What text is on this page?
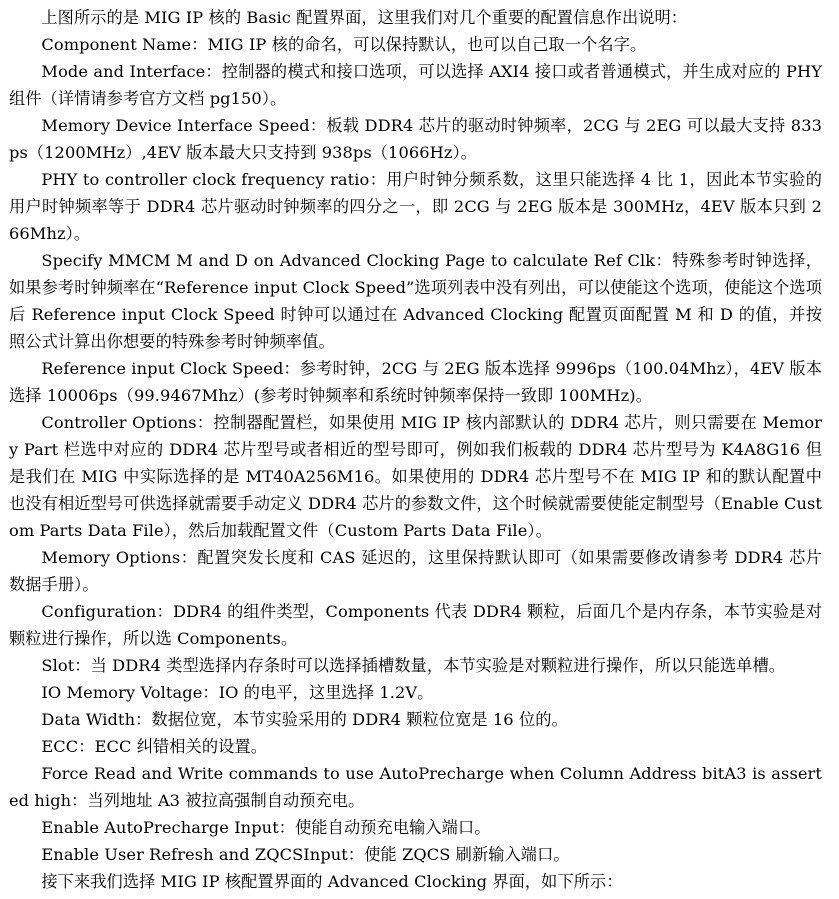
上图所示的是 MIG IP 核的 Basic 配置界面，这里我们对几个重要的配置信息作出说明：

Component Name：MIG IP 核的命名，可以保持默认，也可以自己取一个名字。

Mode and Interface：控制器的模式和接口选项，可以选择 AXI4 接口或者普通模式，并生成对应的 PHY 组件（详情请参考官方文档 pg150）。

Memory Device Interface Speed：板载 DDR4 芯片的驱动时钟频率，2CG 与 2EG 可以最大支持 833ps（1200MHz）,4EV 版本最大只支持到 938ps（1066Hz）。

PHY to controller clock frequency ratio：用户时钟分频系数，这里只能选择 4 比 1，因此本节实验的用户时钟频率等于 DDR4 芯片驱动时钟频率的四分之一，即 2CG 与 2EG 版本是 300MHz，4EV 版本只到 266Mhz）。

Specify MMCM M and D on Advanced Clocking Page to calculate Ref Clk：特殊参考时钟选择，如果参考时钟频率在“Reference input Clock Speed”选项列表中没有列出，可以使能这个选项，使能这个选项后 Reference input Clock Speed 时钟可以通过在 Advanced Clocking 配置页面配置 M 和 D 的值，并按照公式计算出你想要的特殊参考时钟频率值。

Reference input Clock Speed：参考时钟，2CG 与 2EG 版本选择 9996ps（100.04Mhz），4EV 版本选择 10006ps（99.9467Mhz）(参考时钟频率和系统时钟频率保持一致即 100MHz)。

Controller Options：控制器配置栏，如果使用 MIG IP 核内部默认的 DDR4 芯片，则只需要在 Memory Part 栏选中对应的 DDR4 芯片型号或者相近的型号即可，例如我们板载的 DDR4 芯片型号为 K4A8G16 但是我们在 MIG 中实际选择的是 MT40A256M16。如果使用的 DDR4 芯片型号不在 MIG IP 和的默认配置中也没有相近型号可供选择就需要手动定义 DDR4 芯片的参数文件，这个时候就需要使能定制型号（Enable Custom Parts Data File），然后加载配置文件（Custom Parts Data File）。

Memory Options：配置突发长度和 CAS 延迟的，这里保持默认即可（如果需要修改请参考 DDR4 芯片数据手册）。

Configuration：DDR4 的组件类型，Components 代表 DDR4 颗粒，后面几个是内存条，本节实验是对颗粒进行操作，所以选 Components。

Slot：当 DDR4 类型选择内存条时可以选择插槽数量，本节实验是对颗粒进行操作，所以只能选单槽。

IO Memory Voltage：IO 的电平，这里选择 1.2V。

Data Width：数据位宽，本节实验采用的 DDR4 颗粒位宽是 16 位的。

ECC：ECC 纠错相关的设置。

Force Read and Write commands to use AutoPrecharge when Column Address bitA3 is asserted high：当列地址 A3 被拉高强制自动预充电。

Enable AutoPrecharge Input：使能自动预充电输入端口。

Enable User Refresh and ZQCSInput：使能 ZQCS 刷新输入端口。

接下来我们选择 MIG IP 核配置界面的 Advanced Clocking 界面，如下所示：
